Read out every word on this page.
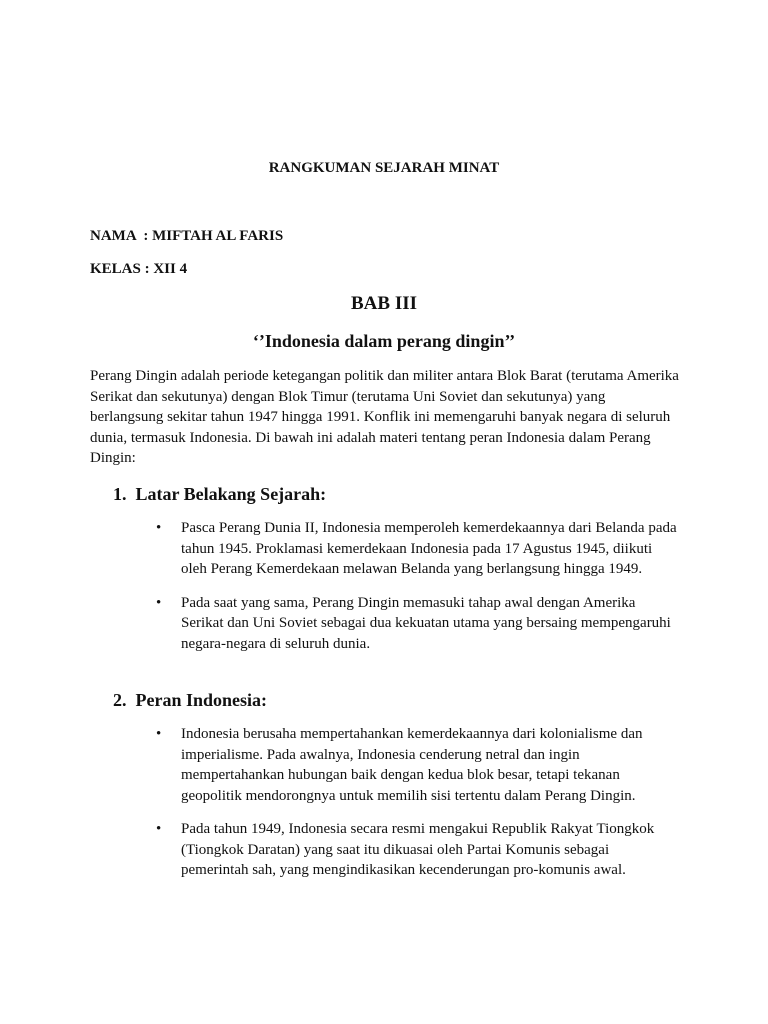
RANGKUMAN SEJARAH MINAT
NAMA  : MIFTAH AL FARIS
KELAS : XII 4
BAB III
‘’Indonesia dalam perang dingin’’

Perang Dingin adalah periode ketegangan politik dan militer antara Blok Barat (terutama Amerika Serikat dan sekutunya) dengan Blok Timur (terutama Uni Soviet dan sekutunya) yang berlangsung sekitar tahun 1947 hingga 1991. Konflik ini memengaruhi banyak negara di seluruh dunia, termasuk Indonesia. Di bawah ini adalah materi tentang peran Indonesia dalam Perang Dingin:

1.  Latar Belakang Sejarah:
• Pasca Perang Dunia II, Indonesia memperoleh kemerdekaannya dari Belanda pada tahun 1945. Proklamasi kemerdekaan Indonesia pada 17 Agustus 1945, diikuti oleh Perang Kemerdekaan melawan Belanda yang berlangsung hingga 1949.
• Pada saat yang sama, Perang Dingin memasuki tahap awal dengan Amerika Serikat dan Uni Soviet sebagai dua kekuatan utama yang bersaing mempengaruhi negara-negara di seluruh dunia.
2.  Peran Indonesia:
• Indonesia berusaha mempertahankan kemerdekaannya dari kolonialisme dan imperialisme. Pada awalnya, Indonesia cenderung netral dan ingin mempertahankan hubungan baik dengan kedua blok besar, tetapi tekanan geopolitik mendorongnya untuk memilih sisi tertentu dalam Perang Dingin.
• Pada tahun 1949, Indonesia secara resmi mengakui Republik Rakyat Tiongkok (Tiongkok Daratan) yang saat itu dikuasai oleh Partai Komunis sebagai pemerintah sah, yang mengindikasikan kecenderungan pro-komunis awal.
